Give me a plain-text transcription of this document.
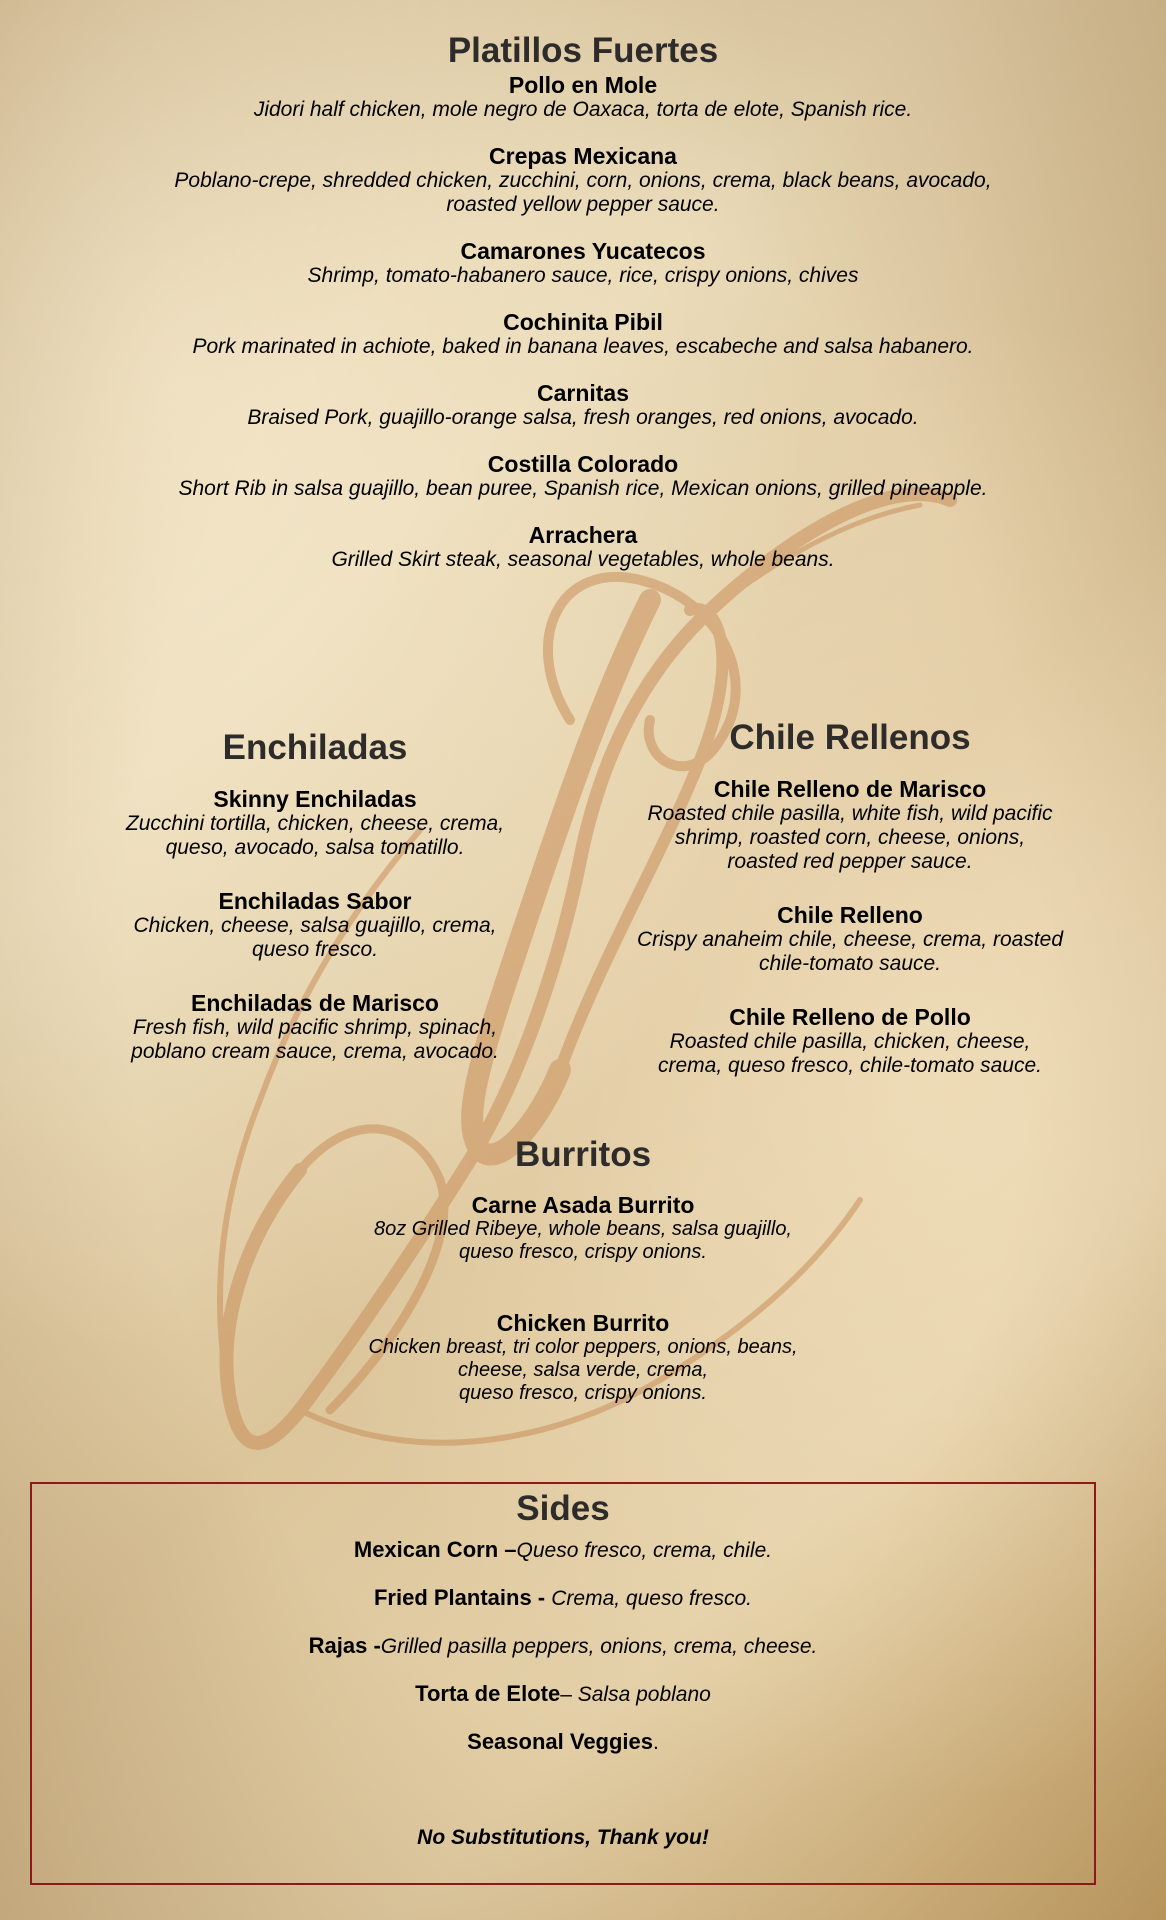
Platillos Fuertes

Pollo en Mole

Jidori half chicken, mole negro de Oaxaca, torta de elote, Spanish rice.

Crepas Mexicana

Poblano-crepe, shredded chicken, zucchini, corn, onions, crema, black beans, avocado,
roasted yellow pepper sauce.

Camarones Yucatecos

Shrimp, tomato-habanero sauce, rice, crispy onions, chives

Cochinita Pibil

Pork marinated in achiote, baked in banana leaves, escabeche and salsa habanero.

Carnitas

Braised Pork, guajillo-orange salsa, fresh oranges, red onions, avocado.

Costilla Colorado

Short Rib in salsa guajillo, bean puree, Spanish rice, Mexican onions, grilled pineapple.

Arrachera

Grilled Skirt steak, seasonal vegetables, whole beans.

Enchiladas

Skinny Enchiladas

Zucchini tortilla, chicken, cheese, crema,
queso, avocado, salsa tomatillo.

Enchiladas Sabor

Chicken, cheese, salsa guajillo, crema,
queso fresco.

Enchiladas de Marisco

Fresh fish, wild pacific shrimp, spinach,
poblano cream sauce, crema, avocado.

Chile Rellenos

Chile Relleno de Marisco

Roasted chile pasilla, white fish, wild pacific
shrimp, roasted corn, cheese, onions,
roasted red pepper sauce.

Chile Relleno

Crispy anaheim chile, cheese, crema, roasted
chile-tomato sauce.

Chile Relleno de Pollo

Roasted chile pasilla, chicken, cheese,
crema, queso fresco, chile-tomato sauce.

Burritos

Carne Asada Burrito

8oz Grilled Ribeye, whole beans, salsa guajillo,
queso fresco, crispy onions.

Chicken Burrito

Chicken breast, tri color peppers, onions, beans,
cheese, salsa verde, crema,
queso fresco, crispy onions.

Sides

Mexican Corn –Queso fresco, crema, chile.

Fried Plantains - Crema, queso fresco.

Rajas -Grilled pasilla peppers, onions, crema, cheese.

Torta de Elote– Salsa poblano

Seasonal Veggies.

No Substitutions, Thank you!
